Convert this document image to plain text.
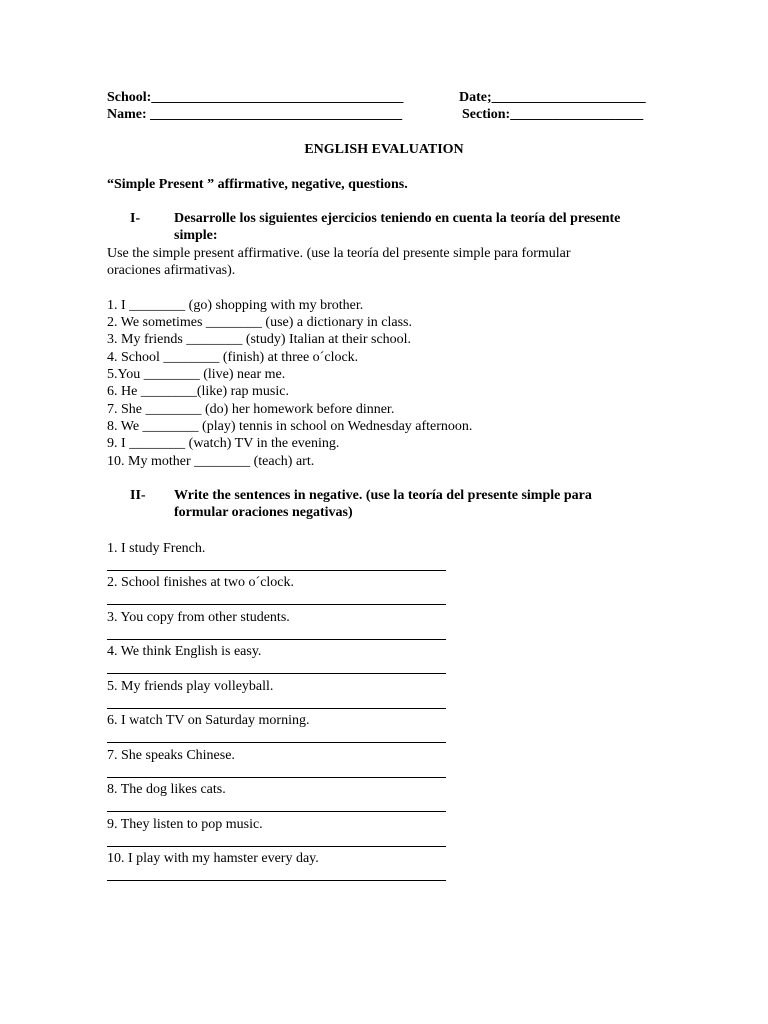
School:____________________________________	Date;______________________
Name: ____________________________________	Section:___________________
ENGLISH EVALUATION
“Simple Present ” affirmative, negative, questions.
I- Desarrolle los siguientes ejercicios teniendo en cuenta la teoría del presente
simple:
Use the simple present affirmative. (use la teoría del presente simple para formular
oraciones afirmativas).
1. I ________ (go) shopping with my brother.
2. We sometimes ________ (use) a dictionary in class.
3. My friends ________ (study) Italian at their school.
4. School ________ (finish) at three o´clock.
5.You ________ (live) near me.
6. He ________(like) rap music.
7. She ________ (do) her homework before dinner.
8. We ________ (play) tennis in school on Wednesday afternoon.
9. I ________ (watch) TV in the evening.
10. My mother ________ (teach) art.
II- Write the sentences in negative. (use la teoría del presente simple para
formular oraciones negativas)
1. I study French.
2. School finishes at two o´clock.
3. You copy from other students.
4. We think English is easy.
5. My friends play volleyball.
6. I watch TV on Saturday morning.
7. She speaks Chinese.
8. The dog likes cats.
9. They listen to pop music.
10. I play with my hamster every day.
